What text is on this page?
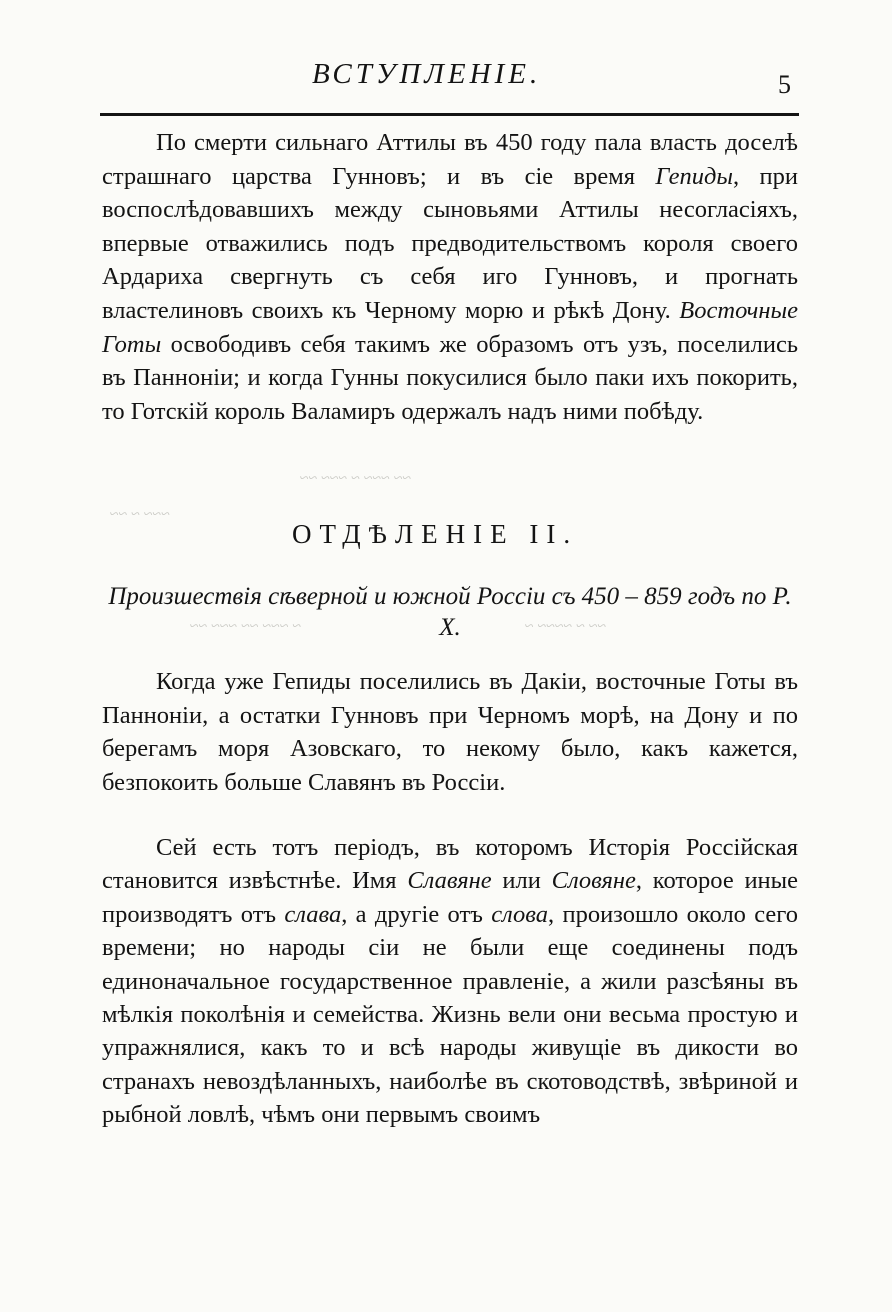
ВСТУПЛЕНІЕ.	5
По смерти сильнаго Аттилы въ 450 году пала власть доселѣ страшнаго царства Гунновъ; и въ сіе время Гепиды, при воспослѣдовавшихъ между сыновьями Аттилы несогласіяхъ, впервые отважились подъ предводительствомъ короля своего Ардариха свергнуть съ себя иго Гунновъ, и прогнать властелиновъ своихъ къ Черному морю и рѣкѣ Дону. Восточные Готы освободивъ себя такимъ же образомъ отъ узъ, поселились въ Паннонiи; и когда Гунны покусилися было паки ихъ покорить, то Готскій король Валамиръ одержалъ надъ ними побѣду.
~~ ~~~ ~ ~~~ ~~
~~~ ~ ~~
~ ~~~ ~~ ~~~ ~~	~~ ~ ~~~~ ~
ОТДѢЛЕНІЕ II.
Произшествія сѣверной и южной Россіи съ 450 – 859 годъ по Р. Х.
Когда уже Гепиды поселились въ Дакіи, восточные Готы въ Паннонiи, а остатки Гунновъ при Черномъ морѣ, на Дону и по берегамъ моря Азовскаго, то некому было, какъ кажется, безпокоить больше Славянъ въ Россіи.
Сей есть тотъ періодъ, въ которомъ Исторія Россійская становится извѣстнѣе. Имя Славяне или Словяне, которое иные производятъ отъ слава, а другіе отъ слова, произошло около сего времени; но народы сіи не были еще соединены подъ единоначальное государственное правленіе, а жили разсѣяны въ мѣлкія поколѣнія и семейства. Жизнь вели они весьма простую и упражнялися, какъ то и всѣ народы живущіе въ дикости во странахъ невоздѣланныхъ, наиболѣе въ скотоводствѣ, звѣриной и рыбной ловлѣ, чѣмъ они первымъ своимъ
